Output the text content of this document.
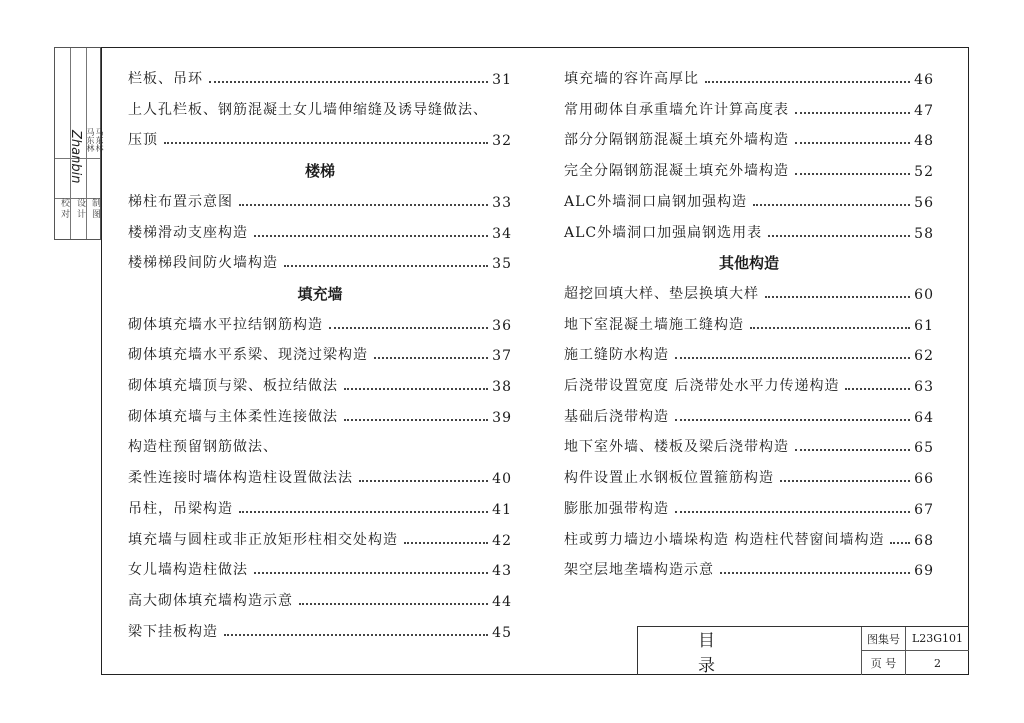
校对 设计 制图
Zhanbin 马东林 马东林
栏板、吊环	31
上人孔栏板、钢筋混凝土女儿墙伸缩缝及诱导缝做法、
压顶	32
楼梯
梯柱布置示意图	33
楼梯滑动支座构造	34
楼梯梯段间防火墙构造	35
填充墙
砌体填充墙水平拉结钢筋构造	36
砌体填充墙水平系梁、现浇过梁构造	37
砌体填充墙顶与梁、板拉结做法	38
砌体填充墙与主体柔性连接做法	39
构造柱预留钢筋做法、
柔性连接时墙体构造柱设置做法法	40
吊柱，吊梁构造	41
填充墙与圆柱或非正放矩形柱相交处构造	42
女儿墙构造柱做法	43
高大砌体填充墙构造示意	44
梁下挂板构造	45
填充墙的容许高厚比	46
常用砌体自承重墙允许计算高度表	47
部分分隔钢筋混凝土填充外墙构造	48
完全分隔钢筋混凝土填充外墙构造	52
ALC外墙洞口扁钢加强构造	56
ALC外墙洞口加强扁钢选用表	58
其他构造
超挖回填大样、垫层换填大样	60
地下室混凝土墙施工缝构造	61
施工缝防水构造	62
后浇带设置宽度 后浇带处水平力传递构造	63
基础后浇带构造	64
地下室外墙、楼板及梁后浇带构造	65
构件设置止水钢板位置箍筋构造	66
膨胀加强带构造	67
柱或剪力墙边小墙垛构造 构造柱代替窗间墙构造 68
架空层地垄墙构造示意	69
目 录
图集号	L23G101
页 号	2
